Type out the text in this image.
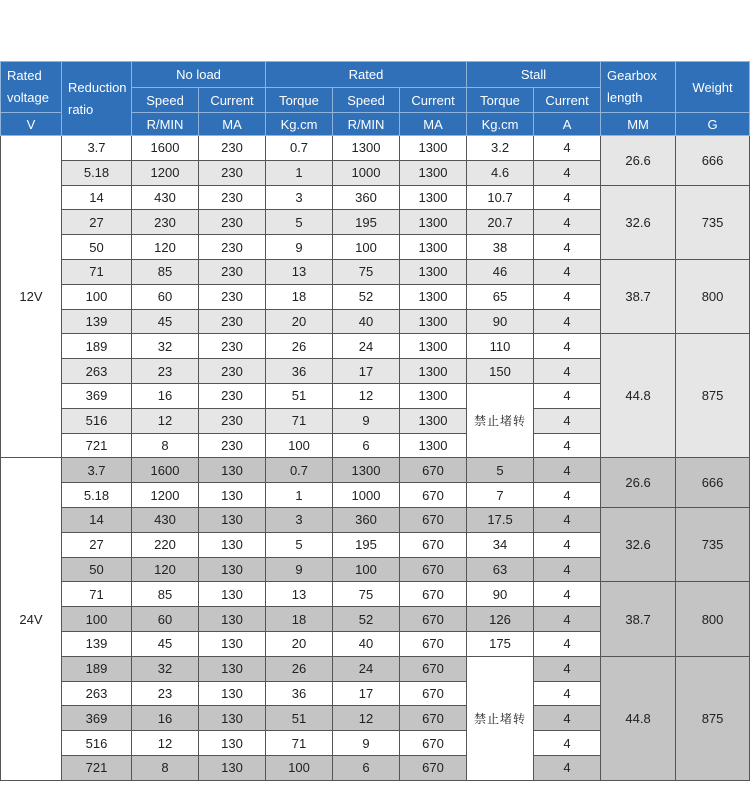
Rated voltage	Reduction ratio	No load		Rated			Stall		Gearbox length	Weight
		Speed	Current	Torque	Speed	Current	Torque	Current		
V		R/MIN	MA	Kg.cm	R/MIN	MA	Kg.cm	A	MM	G
12V	3.7	1600	230	0.7	1300	1300	3.2	4	26.6	666
	5.18	1200	230	1	1000	1300	4.6	4		
	14	430	230	3	360	1300	10.7	4	32.6	735
	27	230	230	5	195	1300	20.7	4		
	50	120	230	9	100	1300	38	4		
	71	85	230	13	75	1300	46	4	38.7	800
	100	60	230	18	52	1300	65	4		
	139	45	230	20	40	1300	90	4		
	189	32	230	26	24	1300	110	4	44.8	875
	263	23	230	36	17	1300	150	4		
	369	16	230	51	12	1300	禁止堵转	4		
	516	12	230	71	9	1300		4		
	721	8	230	100	6	1300		4		
24V	3.7	1600	130	0.7	1300	670	5	4	26.6	666
	5.18	1200	130	1	1000	670	7	4		
	14	430	130	3	360	670	17.5	4	32.6	735
	27	220	130	5	195	670	34	4		
	50	120	130	9	100	670	63	4		
	71	85	130	13	75	670	90	4	38.7	800
	100	60	130	18	52	670	126	4		
	139	45	130	20	40	670	175	4		
	189	32	130	26	24	670	禁止堵转	4	44.8	875
	263	23	130	36	17	670		4		
	369	16	130	51	12	670		4		
	516	12	130	71	9	670		4		
	721	8	130	100	6	670		4		
